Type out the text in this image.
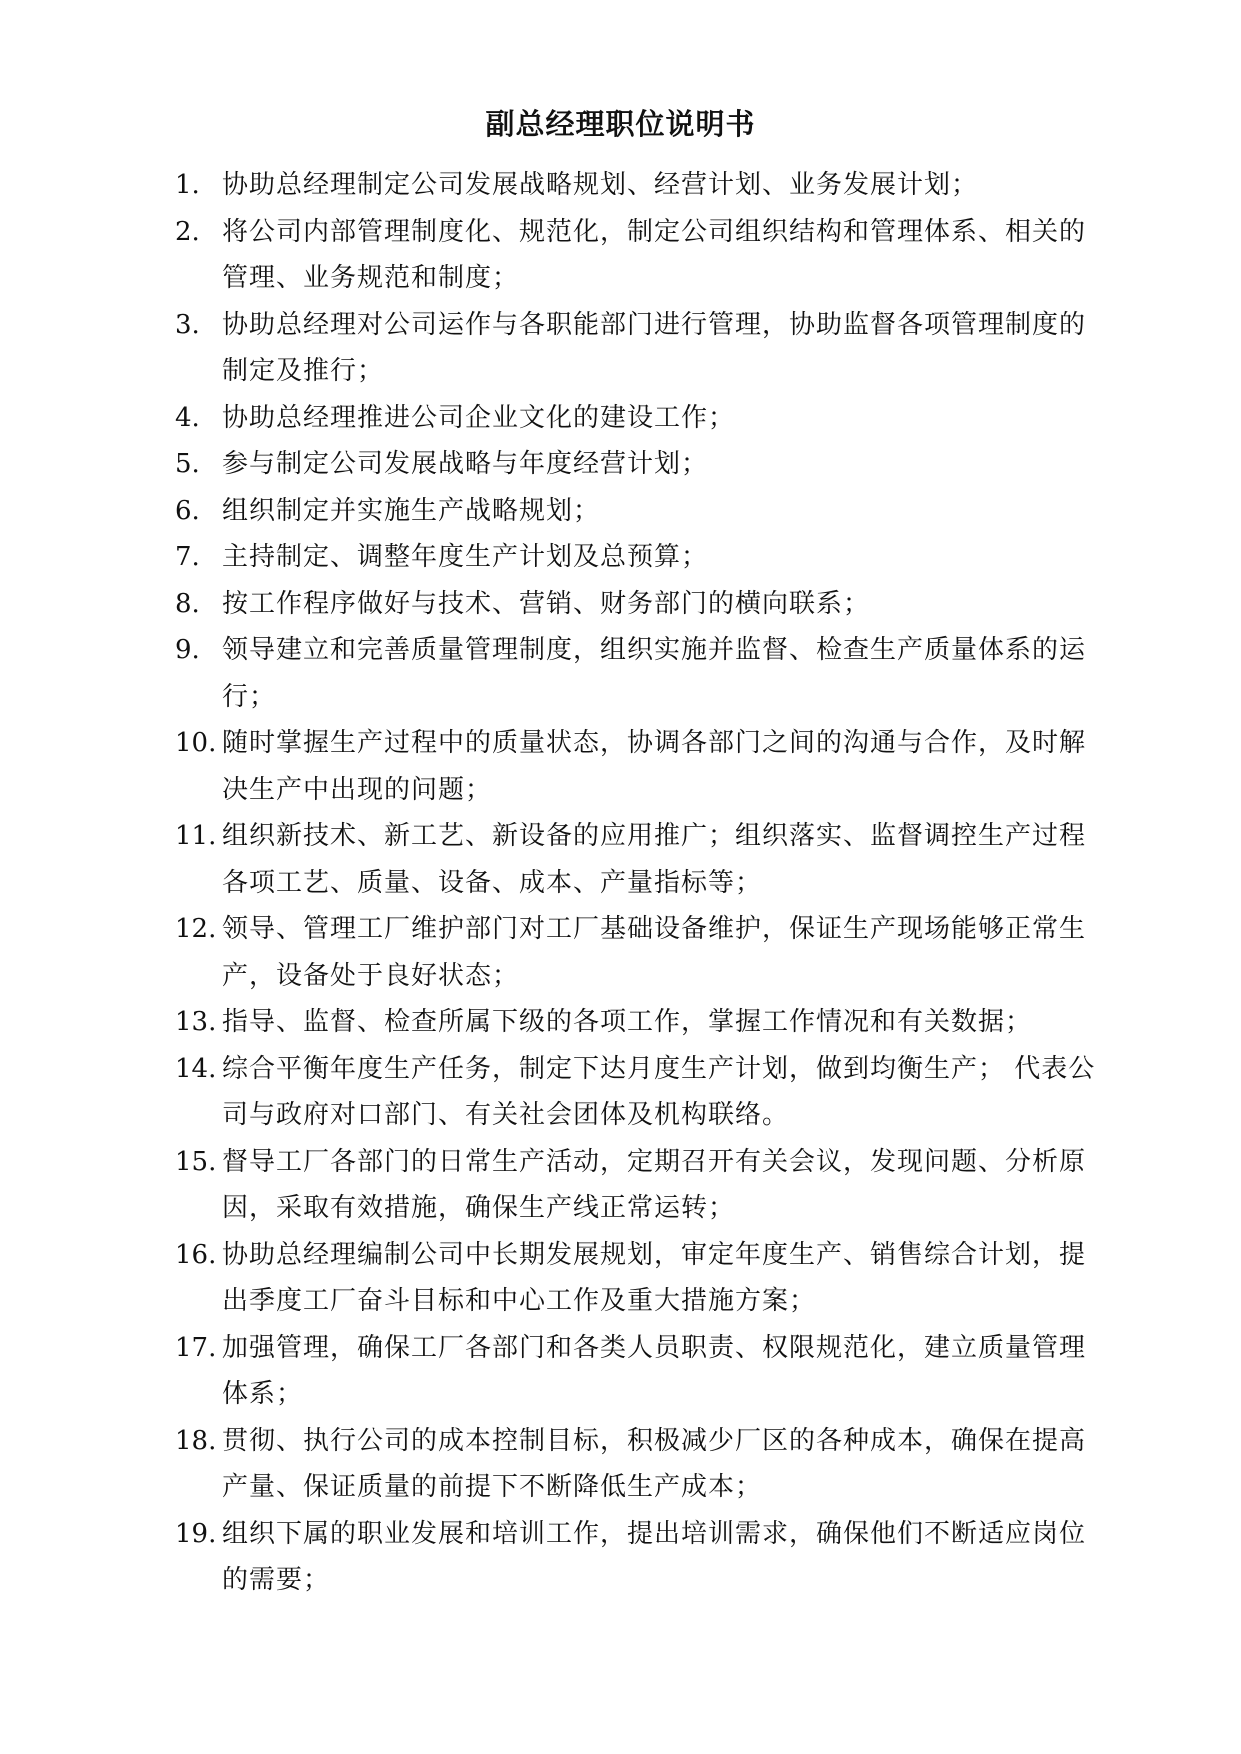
副总经理职位说明书
1. 协助总经理制定公司发展战略规划、经营计划、业务发展计划；
2. 将公司内部管理制度化、规范化，制定公司组织结构和管理体系、相关的管理、业务规范和制度；
3. 协助总经理对公司运作与各职能部门进行管理，协助监督各项管理制度的制定及推行；
4. 协助总经理推进公司企业文化的建设工作；
5. 参与制定公司发展战略与年度经营计划；
6. 组织制定并实施生产战略规划；
7. 主持制定、调整年度生产计划及总预算；
8. 按工作程序做好与技术、营销、财务部门的横向联系；
9. 领导建立和完善质量管理制度，组织实施并监督、检查生产质量体系的运行；
10. 随时掌握生产过程中的质量状态，协调各部门之间的沟通与合作，及时解决生产中出现的问题；
11. 组织新技术、新工艺、新设备的应用推广；组织落实、监督调控生产过程各项工艺、质量、设备、成本、产量指标等；
12. 领导、管理工厂维护部门对工厂基础设备维护，保证生产现场能够正常生产，设备处于良好状态；
13. 指导、监督、检查所属下级的各项工作，掌握工作情况和有关数据；
14. 综合平衡年度生产任务，制定下达月度生产计划，做到均衡生产； 代表公司与政府对口部门、有关社会团体及机构联络。
15. 督导工厂各部门的日常生产活动，定期召开有关会议，发现问题、分析原因，采取有效措施，确保生产线正常运转；
16. 协助总经理编制公司中长期发展规划，审定年度生产、销售综合计划，提出季度工厂奋斗目标和中心工作及重大措施方案；
17. 加强管理，确保工厂各部门和各类人员职责、权限规范化，建立质量管理体系；
18. 贯彻、执行公司的成本控制目标，积极减少厂区的各种成本，确保在提高产量、保证质量的前提下不断降低生产成本；
19. 组织下属的职业发展和培训工作，提出培训需求，确保他们不断适应岗位的需要；
